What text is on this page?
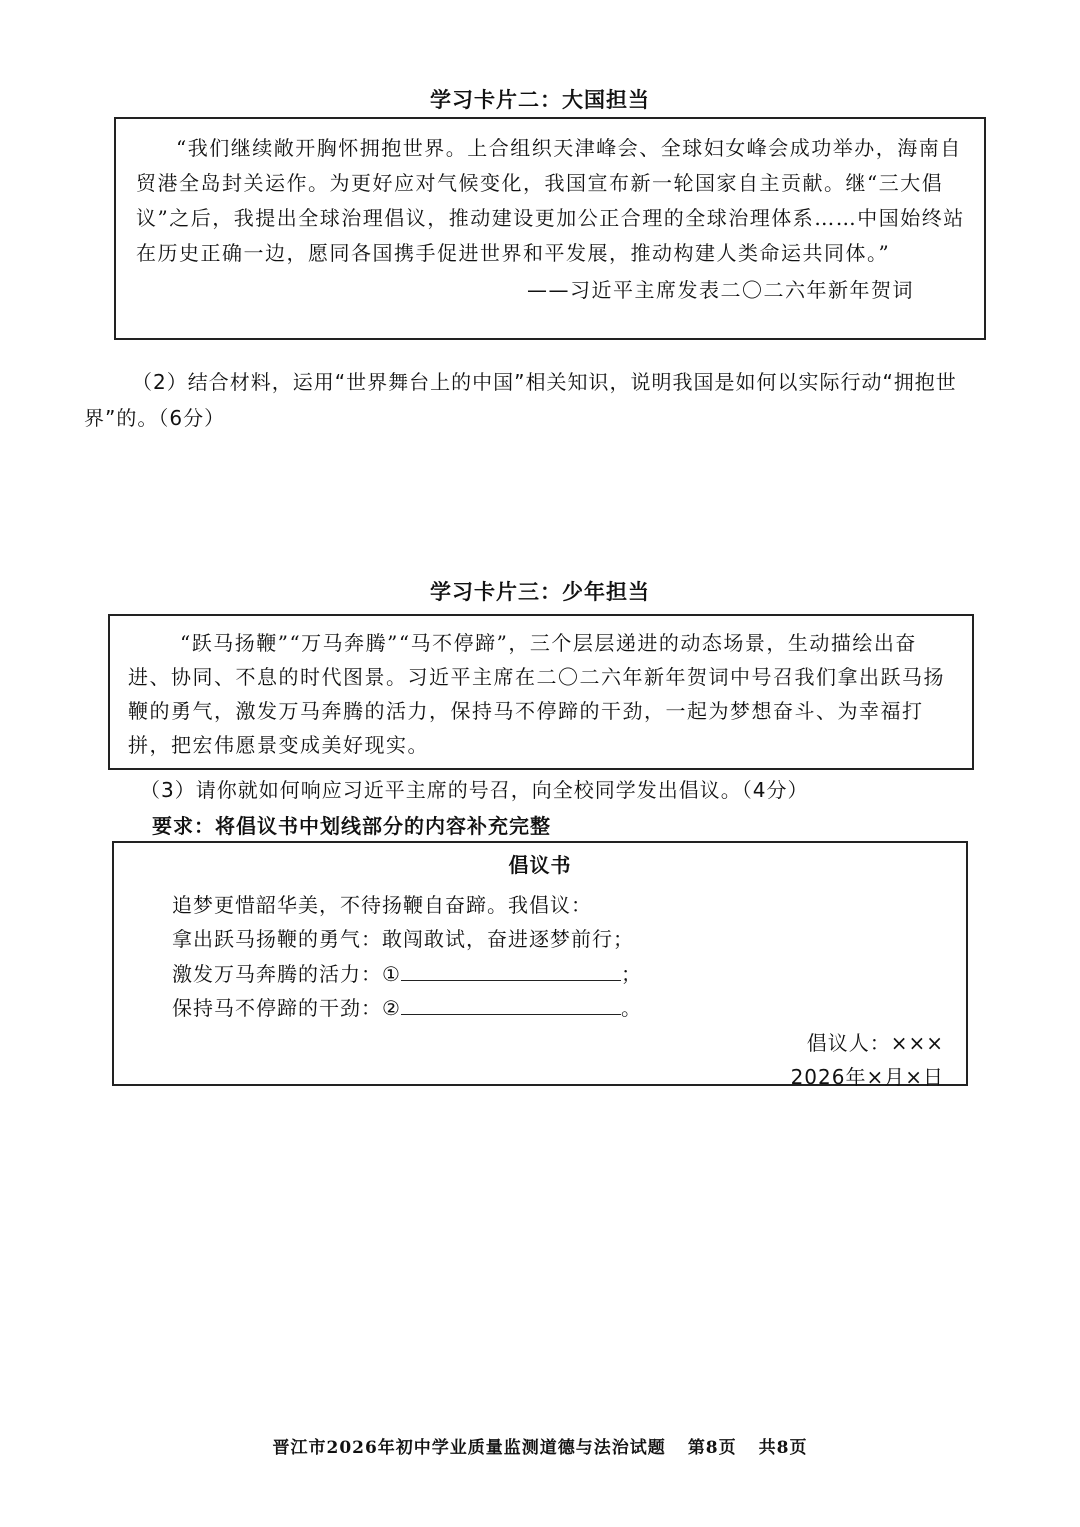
学习卡片二：大国担当

“我们继续敞开胸怀拥抱世界。上合组织天津峰会、全球妇女峰会成功举办，海南自贸港全岛封关运作。为更好应对气候变化，我国宣布新一轮国家自主贡献。继“三大倡议”之后，我提出全球治理倡议，推动建设更加公正合理的全球治理体系……中国始终站在历史正确一边，愿同各国携手促进世界和平发展，推动构建人类命运共同体。”

——习近平主席发表二〇二六年新年贺词

（2）结合材料，运用“世界舞台上的中国”相关知识，说明我国是如何以实际行动“拥抱世界”的。（6分）
学习卡片三：少年担当

“跃马扬鞭”“万马奔腾”“马不停蹄”，三个层层递进的动态场景，生动描绘出奋进、协同、不息的时代图景。习近平主席在二〇二六年新年贺词中号召我们拿出跃马扬鞭的勇气，激发万马奔腾的活力，保持马不停蹄的干劲，一起为梦想奋斗、为幸福打拼，把宏伟愿景变成美好现实。

（3）请你就如何响应习近平主席的号召，向全校同学发出倡议。（4分）
要求：将倡议书中划线部分的内容补充完整
倡议书
追梦更惜韶华美，不待扬鞭自奋蹄。我倡议：
拿出跃马扬鞭的勇气：敢闯敢试，奋进逐梦前行；
激发万马奔腾的活力：①	；
保持马不停蹄的干劲：②	。
倡议人：×××
2026年×月×日
晋江市2026年初中学业质量监测道德与法治试题 第8页 共8页
